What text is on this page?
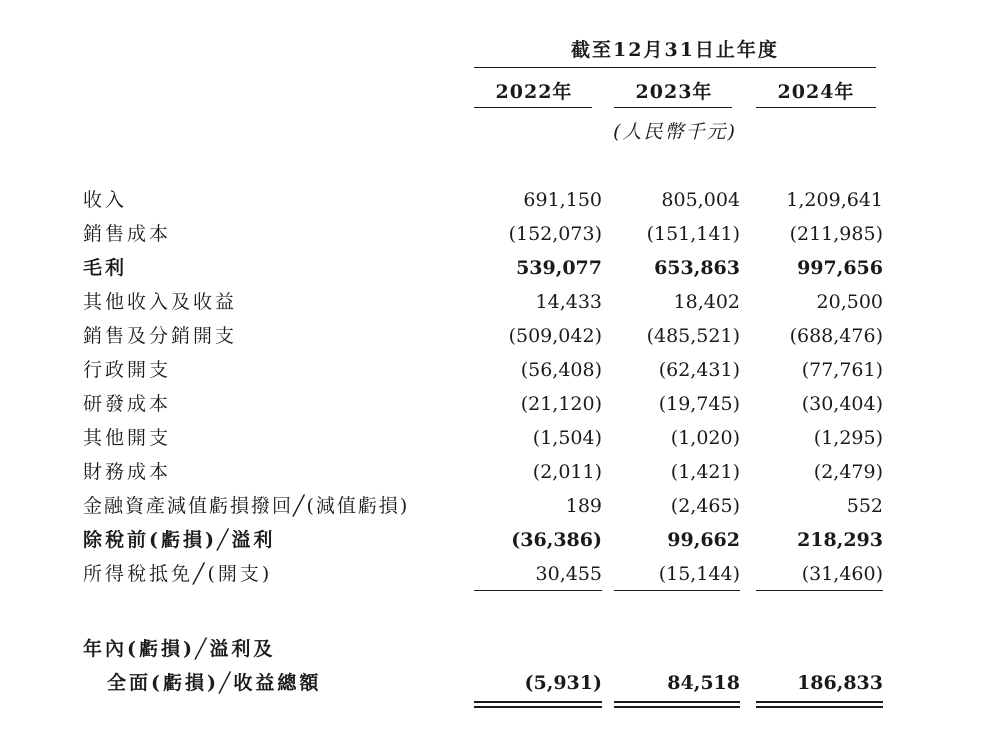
截至12月31日止年度
2022年	2023年	2024年
(人民幣千元)
收入	691,150	805,004	1,209,641
銷售成本	(152,073)	(151,141)	(211,985)
毛利	539,077	653,863	997,656
其他收入及收益	14,433	18,402	20,500
銷售及分銷開支	(509,042)	(485,521)	(688,476)
行政開支	(56,408)	(62,431)	(77,761)
研發成本	(21,120)	(19,745)	(30,404)
其他開支	(1,504)	(1,020)	(1,295)
財務成本	(2,011)	(1,421)	(2,479)
金融資產減值虧損撥回╱(減值虧損)	189	(2,465)	552
除稅前(虧損)╱溢利	(36,386)	99,662	218,293
所得稅抵免╱(開支)	30,455	(15,144)	(31,460)
年內(虧損)╱溢利及
全面(虧損)╱收益總額	(5,931)	84,518	186,833
